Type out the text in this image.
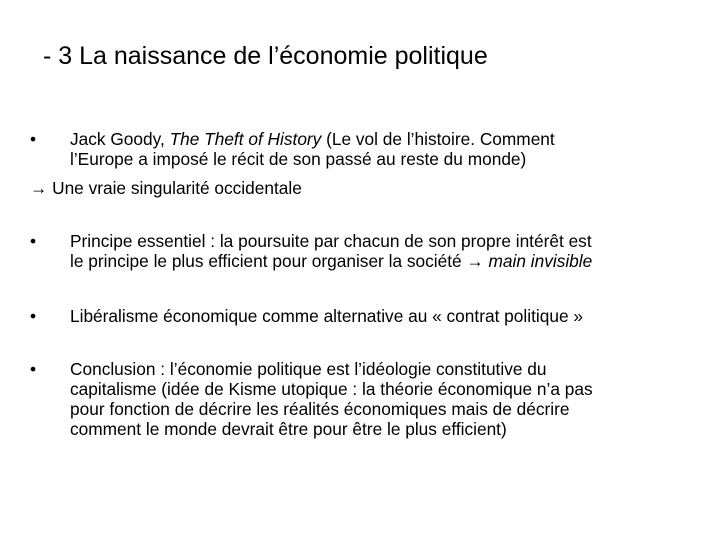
- 3 La naissance de l’économie politique
• Jack Goody, The Theft of History (Le vol de l’histoire. Comment
l’Europe a imposé le récit de son passé au reste du monde)
→ Une vraie singularité occidentale
• Principe essentiel : la poursuite par chacun de son propre intérêt est
le principe le plus efficient pour organiser la société → main invisible
• Libéralisme économique comme alternative au « contrat politique »
• Conclusion : l’économie politique est l’idéologie constitutive du
capitalisme (idée de Kisme utopique : la théorie économique n’a pas
pour fonction de décrire les réalités économiques mais de décrire
comment le monde devrait être pour être le plus efficient)
